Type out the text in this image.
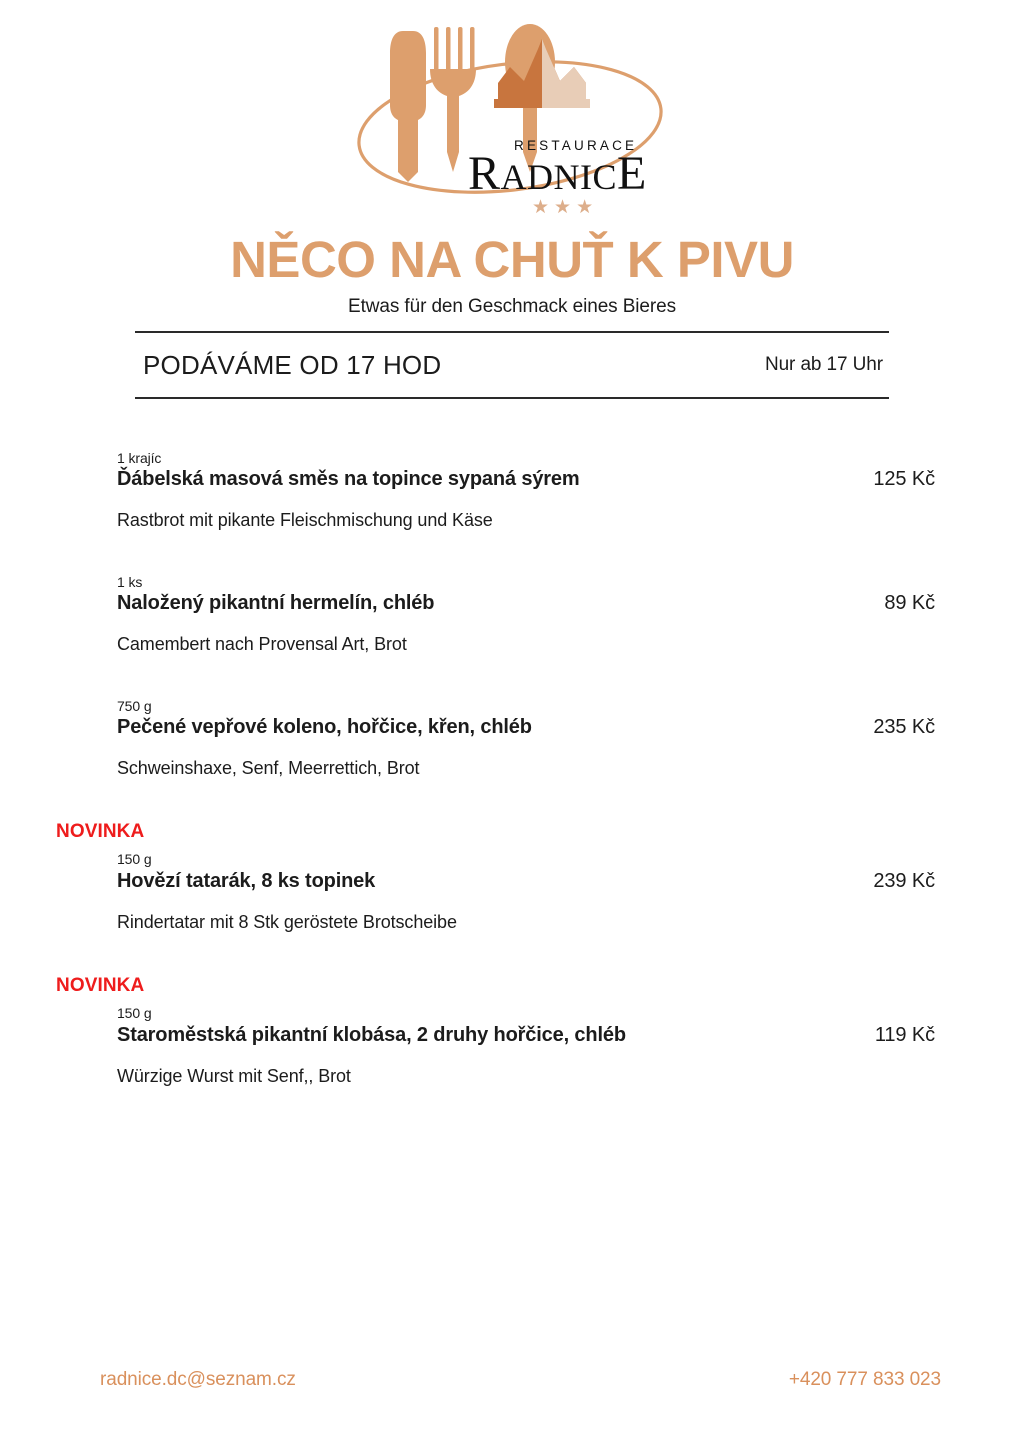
RESTAURACE
RADNICE
★★★
NĚCO NA CHUŤ K PIVU
Etwas für den Geschmack eines Bieres
PODÁVÁME OD 17 HOD	Nur ab 17 Uhr
1 krajíc
Ďábelská masová směs na topince sypaná sýrem	125 Kč
Rastbrot mit pikante Fleischmischung und Käse
1 ks
Naložený pikantní hermelín, chléb	89 Kč
Camembert nach Provensal Art, Brot
750 g
Pečené vepřové koleno, hořčice, křen, chléb	235 Kč
Schweinshaxe, Senf, Meerrettich, Brot
NOVINKA
150 g
Hovězí tatarák, 8 ks topinek	239 Kč
Rindertatar mit 8 Stk geröstete Brotscheibe
NOVINKA
150 g
Staroměstská pikantní klobása, 2 druhy hořčice, chléb	119 Kč
Würzige Wurst mit Senf,, Brot
radnice.dc@seznam.cz	+420 777 833 023
